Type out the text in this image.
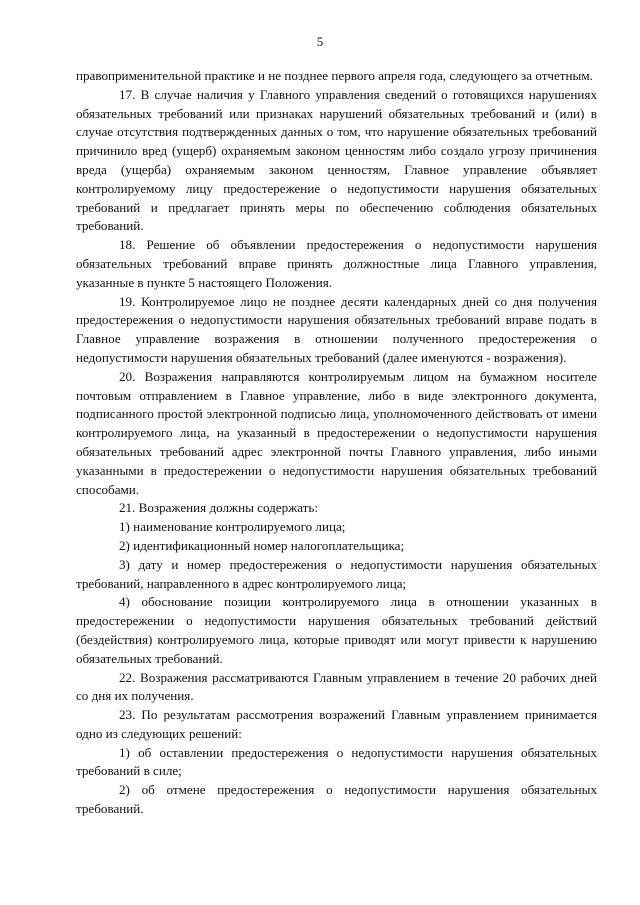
5

правоприменительной практике и не позднее первого апреля года, следующего за отчетным.

17. В случае наличия у Главного управления сведений о готовящихся нарушениях обязательных требований или признаках нарушений обязательных требований и (или) в случае отсутствия подтвержденных данных о том, что нарушение обязательных требований причинило вред (ущерб) охраняемым законом ценностям либо создало угрозу причинения вреда (ущерба) охраняемым законом ценностям, Главное управление объявляет контролируемому лицу предостережение о недопустимости нарушения обязательных требований и предлагает принять меры по обеспечению соблюдения обязательных требований.

18. Решение об объявлении предостережения о недопустимости нарушения обязательных требований вправе принять должностные лица Главного управления, указанные в пункте 5 настоящего Положения.

19. Контролируемое лицо не позднее десяти календарных дней со дня получения предостережения о недопустимости нарушения обязательных требований вправе подать в Главное управление возражения в отношении полученного предостережения о недопустимости нарушения обязательных требований (далее именуются - возражения).

20. Возражения направляются контролируемым лицом на бумажном носителе почтовым отправлением в Главное управление, либо в виде электронного документа, подписанного простой электронной подписью лица, уполномоченного действовать от имени контролируемого лица, на указанный в предостережении о недопустимости нарушения обязательных требований адрес электронной почты Главного управления, либо иными указанными в предостережении о недопустимости нарушения обязательных требований способами.

21. Возражения должны содержать:

1) наименование контролируемого лица;

2) идентификационный номер налогоплательщика;

3) дату и номер предостережения о недопустимости нарушения обязательных требований, направленного в адрес контролируемого лица;

4) обоснование позиции контролируемого лица в отношении указанных в предостережении о недопустимости нарушения обязательных требований действий (бездействия) контролируемого лица, которые приводят или могут привести к нарушению обязательных требований.

22. Возражения рассматриваются Главным управлением в течение 20 рабочих дней со дня их получения.

23. По результатам рассмотрения возражений Главным управлением принимается одно из следующих решений:

1) об оставлении предостережения о недопустимости нарушения обязательных требований в силе;

2) об отмене предостережения о недопустимости нарушения обязательных требований.
